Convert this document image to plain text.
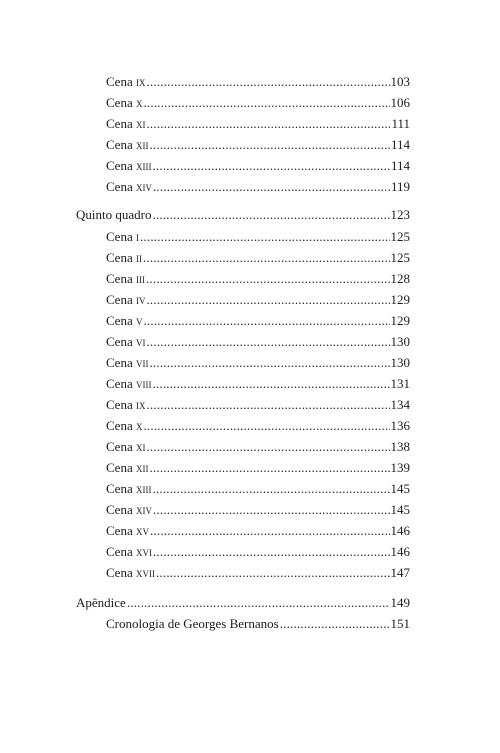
Cena ix .....	103
Cena x .....	106
Cena xi .....	111
Cena xii .....	114
Cena xiii .....	114
Cena xiv .....	119
Quinto quadro .....	123
Cena i .....	125
Cena ii .....	125
Cena iii .....	128
Cena iv .....	129
Cena v .....	129
Cena vi .....	130
Cena vii .....	130
Cena viii .....	131
Cena ix .....	134
Cena x .....	136
Cena xi .....	138
Cena xii .....	139
Cena xiii .....	145
Cena xiv .....	145
Cena xv .....	146
Cena xvi .....	146
Cena xvii .....	147
Apêndice .....	149
Cronologia de Georges Bernanos .....	151
